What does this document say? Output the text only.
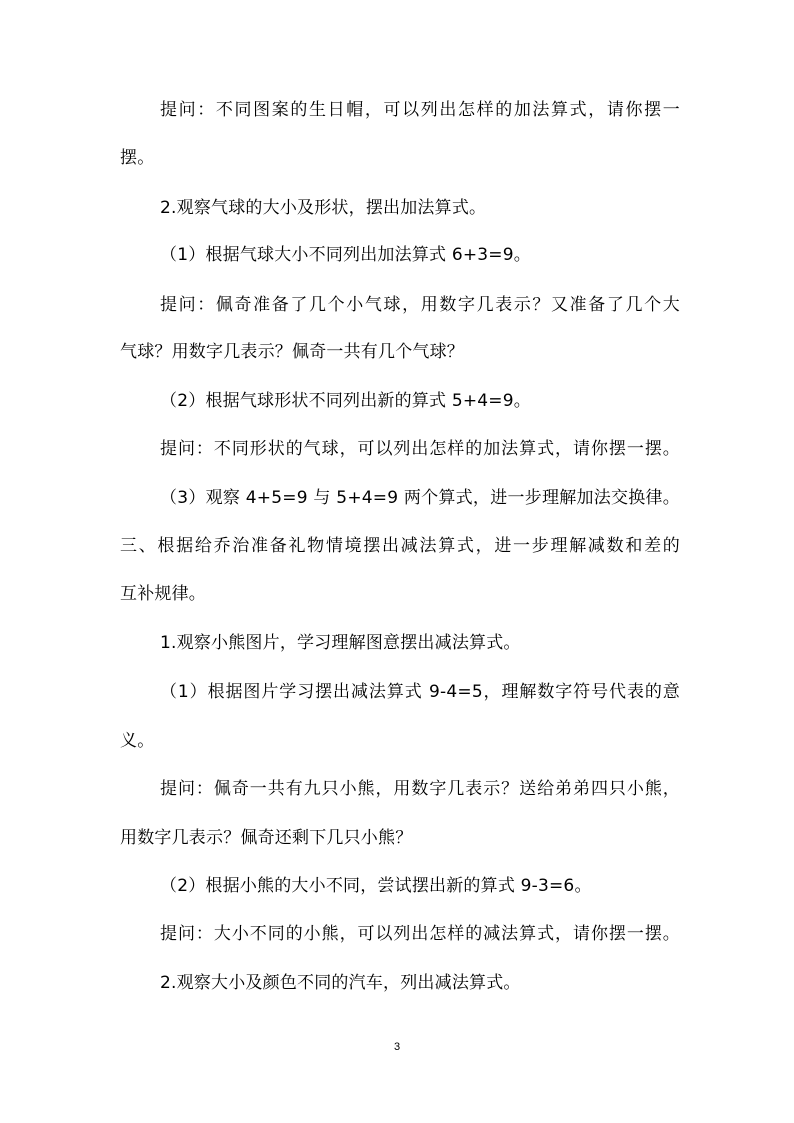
提问：不同图案的生日帽，可以列出怎样的加法算式，请你摆一
摆。
2.观察气球的大小及形状，摆出加法算式。
（1）根据气球大小不同列出加法算式 6+3=9。
提问：佩奇准备了几个小气球，用数字几表示？又准备了几个大
气球？用数字几表示？佩奇一共有几个气球？
（2）根据气球形状不同列出新的算式 5+4=9。
提问：不同形状的气球，可以列出怎样的加法算式，请你摆一摆。
（3）观察 4+5=9 与 5+4=9 两个算式，进一步理解加法交换律。
三、根据给乔治准备礼物情境摆出减法算式，进一步理解减数和差的
互补规律。
1.观察小熊图片，学习理解图意摆出减法算式。
（1）根据图片学习摆出减法算式 9-4=5，理解数字符号代表的意
义。
提问：佩奇一共有九只小熊，用数字几表示？送给弟弟四只小熊，
用数字几表示？佩奇还剩下几只小熊？
（2）根据小熊的大小不同，尝试摆出新的算式 9-3=6。
提问：大小不同的小熊，可以列出怎样的减法算式，请你摆一摆。
2.观察大小及颜色不同的汽车，列出减法算式。
3
